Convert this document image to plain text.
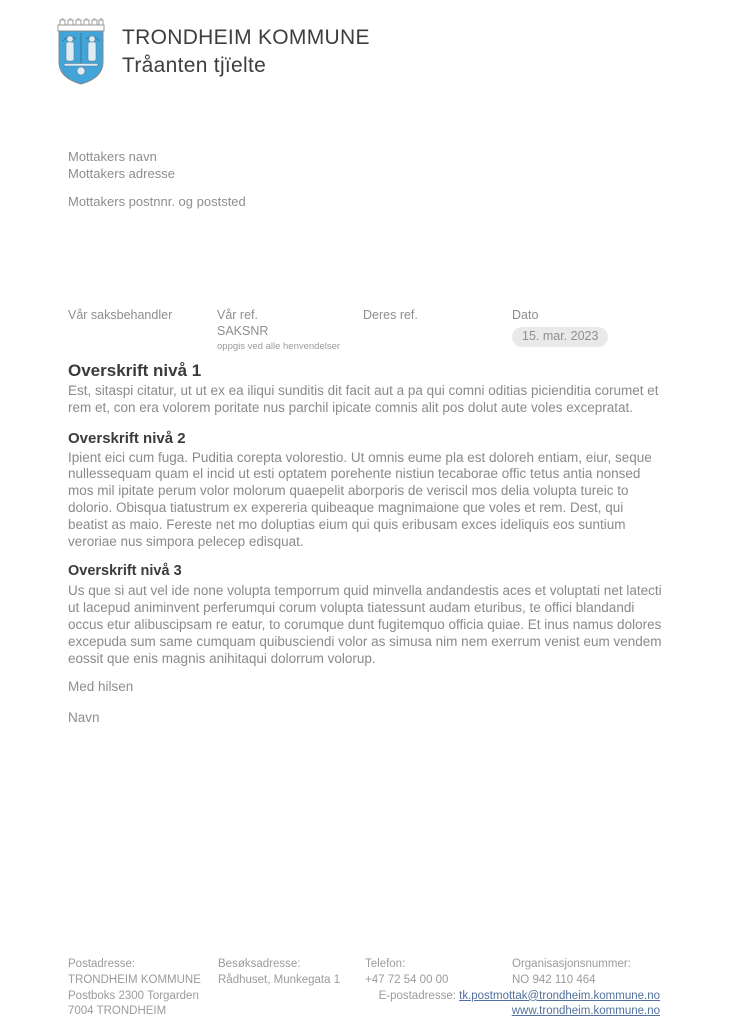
TRONDHEIM KOMMUNE
Tråanten tjïelte
Mottakers navn
Mottakers adresse
Mottakers postnnr. og poststed
Vår saksbehandler	Vår ref.
SAKSNR
oppgis ved alle henvendelser
Deres ref.	Dato
15. mar. 2023
Overskrift nivå 1

Est, sitaspi citatur, ut ut ex ea iliqui sunditis dit facit aut a pa qui comni oditias picienditia corumet et rem et, con era volorem poritate nus parchil ipicate comnis alit pos dolut aute voles excepratat.

Overskrift nivå 2

Ipient eici cum fuga. Puditia corepta volorestio. Ut omnis eume pla est doloreh entiam, eiur, seque nullessequam quam el incid ut esti optatem porehente nistiun tecaborae offic tetus antia nonsed mos mil ipitate perum volor molorum quaepelit aborporis de veriscil mos delia volupta tureic to dolorio. Obisqua tiatustrum ex expereria quibeaque magnimaione que voles et rem. Dest, qui beatist as maio. Fereste net mo doluptias eium qui quis eribusam exces ideliquis eos suntium veroriae nus simpora pelecep edisquat.

Overskrift nivå 3

Us que si aut vel ide none volupta temporrum quid minvella andandestis aces et voluptati net latecti ut lacepud animinvent perferumqui corum volupta tiatessunt audam eturibus, te offici blandandi occus etur alibuscipsam re eatur, to corumque dunt fugitemquo officia quiae. Et inus namus dolores excepuda sum same cumquam quibusciendi volor as simusa nim nem exerrum venist eum vendem eossit que enis magnis anihitaqui dolorrum volorup.

Med hilsen

Navn

Postadresse:
TRONDHEIM KOMMUNE
Postboks 2300 Torgarden
7004 TRONDHEIM
Besøksadresse:
Rådhuset, Munkegata 1
Telefon:
+47 72 54 00 00
Organisasjonsnummer:
NO 942 110 464
E-postadresse: tk.postmottak@trondheim.kommune.no
www.trondheim.kommune.no
